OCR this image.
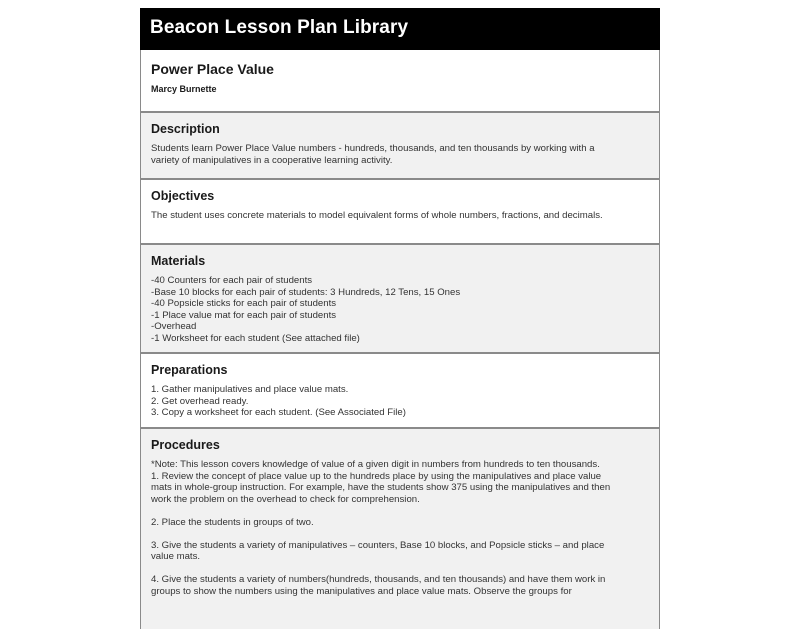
Beacon Lesson Plan Library
Power Place Value
Marcy Burnette
Description
Students learn Power Place Value numbers - hundreds, thousands, and ten thousands by working with a
variety of manipulatives in a cooperative learning activity.
Objectives
The student uses concrete materials to model equivalent forms of whole numbers, fractions, and decimals.
Materials
-40 Counters for each pair of students
-Base 10 blocks for each pair of students: 3 Hundreds, 12 Tens, 15 Ones
-40 Popsicle sticks for each pair of students
-1 Place value mat for each pair of students
-Overhead
-1 Worksheet for each student (See attached file)
Preparations
1. Gather manipulatives and place value mats.
2. Get overhead ready.
3. Copy a worksheet for each student. (See Associated File)
Procedures
*Note: This lesson covers knowledge of value of a given digit in numbers from hundreds to ten thousands.
1. Review the concept of place value up to the hundreds place by using the manipulatives and place value
mats in whole-group instruction. For example, have the students show 375 using the manipulatives and then
work the problem on the overhead to check for comprehension.
2. Place the students in groups of two.
3. Give the students a variety of manipulatives – counters, Base 10 blocks, and Popsicle sticks – and place
value mats.
4. Give the students a variety of numbers(hundreds, thousands, and ten thousands) and have them work in
groups to show the numbers using the manipulatives and place value mats. Observe the groups for
